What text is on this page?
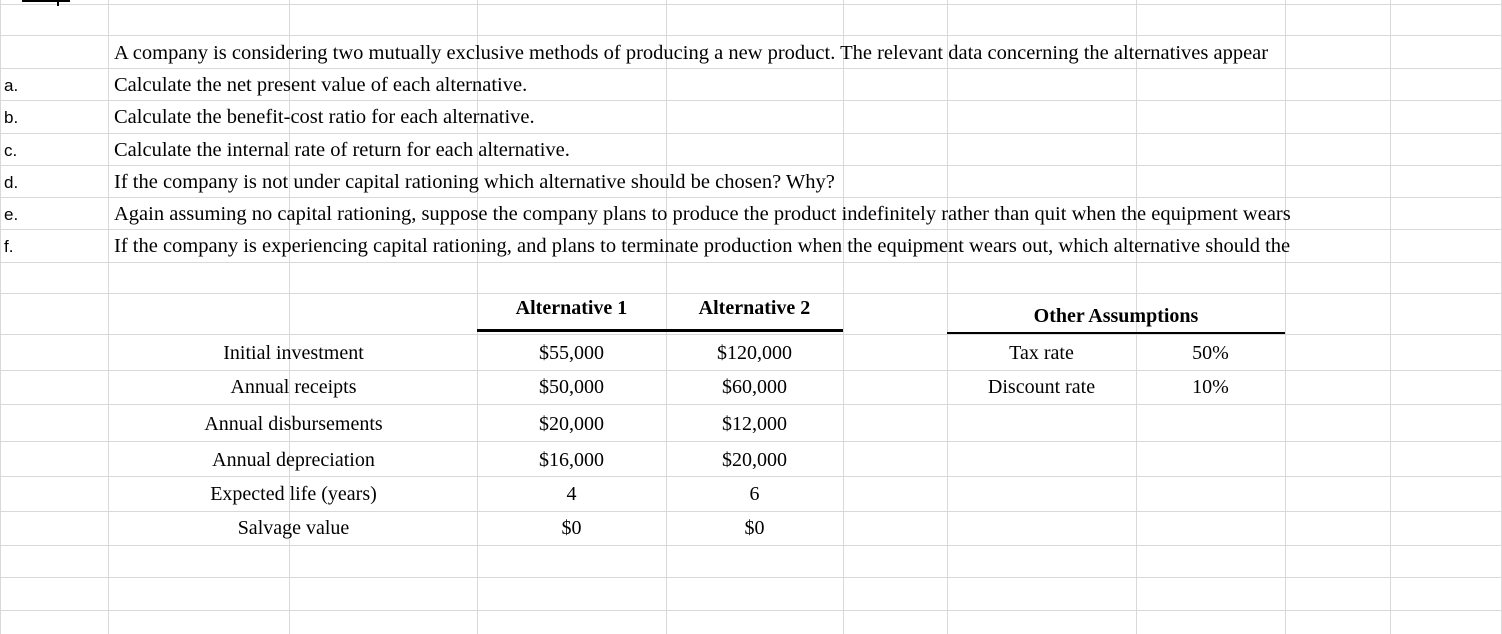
A company is considering two mutually exclusive methods of producing a new product. The relevant data concerning the alternatives appear
a.	Calculate the net present value of each alternative.
b.	Calculate the benefit-cost ratio for each alternative.
c.	Calculate the internal rate of return for each alternative.
d.	If the company is not under capital rationing which alternative should be chosen? Why?
e.	Again assuming no capital rationing, suppose the company plans to produce the product indefinitely rather than quit when the equipment wears
f.	If the company is experiencing capital rationing, and plans to terminate production when the equipment wears out, which alternative should the
Alternative 1	Alternative 2
Initial investment	$55,000	$120,000
Annual receipts	$50,000	$60,000
Annual disbursements	$20,000	$12,000
Annual depreciation	$16,000	$20,000
Expected life (years)	4	6
Salvage value	$0	$0
Other Assumptions
Tax rate	50%
Discount rate	10%
